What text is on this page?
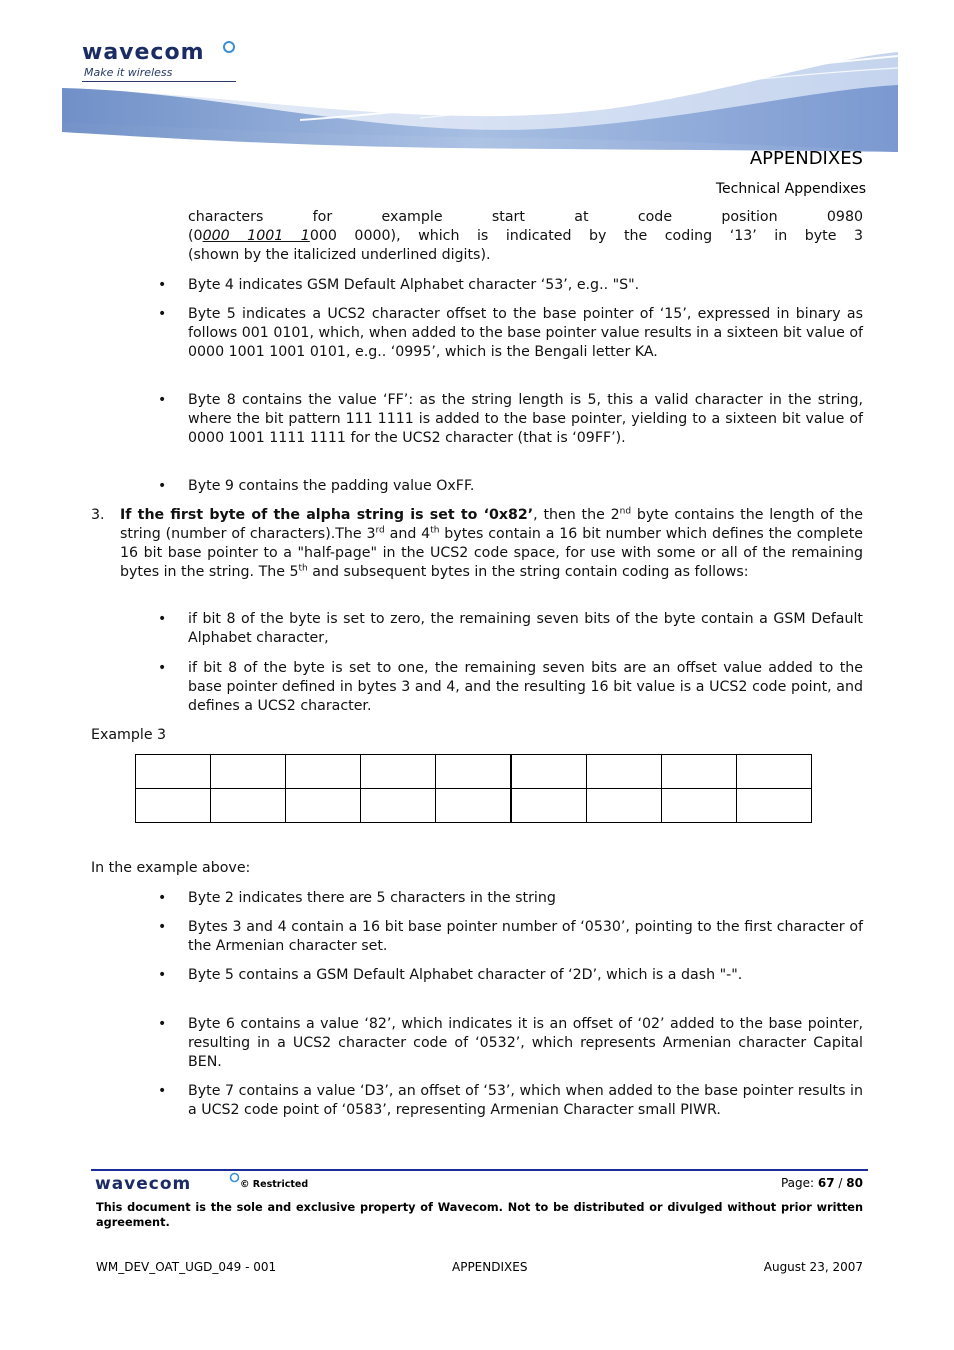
wavecom
Make it wireless
APPENDIXES
Technical Appendixes
characters for example start at code position 0980
(0000 1001 1000 0000), which is indicated by the coding ‘13’ in byte 3
(shown by the italicized underlined digits).
• Byte 4 indicates GSM Default Alphabet character ‘53’, e.g.. "S".
• Byte 5 indicates a UCS2 character offset to the base pointer of ‘15’, expressed in binary as follows 001 0101, which, when added to the base pointer value results in a sixteen bit value of 0000 1001 1001 0101, e.g.. ‘0995’, which is the Bengali letter KA.
• Byte 8 contains the value ‘FF’: as the string length is 5, this a valid character in the string, where the bit pattern 111 1111 is added to the base pointer, yielding to a sixteen bit value of 0000 1001 1111 1111 for the UCS2 character (that is ‘09FF’).
• Byte 9 contains the padding value OxFF.
3. If the first byte of the alpha string is set to ‘0x82’, then the 2nd byte contains the length of the string (number of characters).The 3rd and 4th bytes contain a 16 bit number which defines the complete 16 bit base pointer to a "half-page" in the UCS2 code space, for use with some or all of the remaining bytes in the string. The 5th and subsequent bytes in the string contain coding as follows:
• if bit 8 of the byte is set to zero, the remaining seven bits of the byte contain a GSM Default Alphabet character,
• if bit 8 of the byte is set to one, the remaining seven bits are an offset value added to the base pointer defined in bytes 3 and 4, and the resulting 16 bit value is a UCS2 code point, and defines a UCS2 character.
Example 3

In the example above:
• Byte 2 indicates there are 5 characters in the string
• Bytes 3 and 4 contain a 16 bit base pointer number of ‘0530’, pointing to the first character of the Armenian character set.
• Byte 5 contains a GSM Default Alphabet character of ‘2D’, which is a dash "-".
• Byte 6 contains a value ‘82’, which indicates it is an offset of ‘02’ added to the base pointer, resulting in a UCS2 character code of ‘0532’, which represents Armenian character Capital BEN.
• Byte 7 contains a value ‘D3’, an offset of ‘53’, which when added to the base pointer results in a UCS2 code point of ‘0583’, representing Armenian Character small PIWR.
wavecom	© Restricted	Page: 67 / 80
This document is the sole and exclusive property of Wavecom. Not to be distributed or divulged without prior written agreement.
WM_DEV_OAT_UGD_049 - 001	APPENDIXES	August 23, 2007
